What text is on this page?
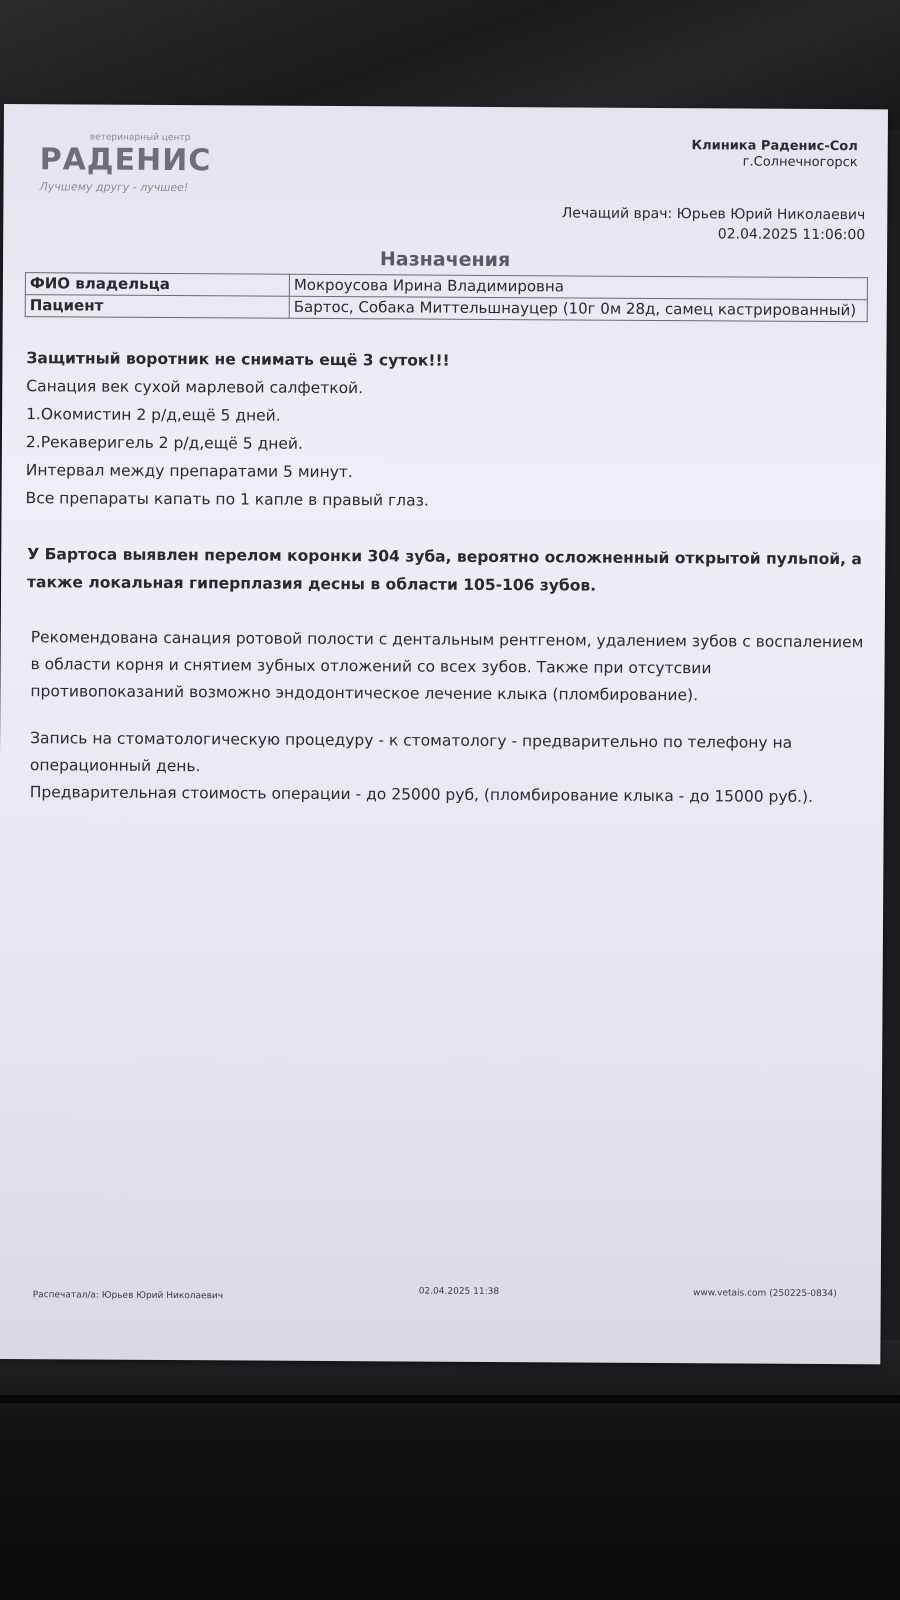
ветеринарный центр
РАДЕНИС
Лучшему другу - лучшее!
Клиника Раденис-Сол
г.Солнечногорск
Лечащий врач: Юрьев Юрий Николаевич
02.04.2025 11:06:00
Назначения
ФИО владельца	Мокроусова Ирина Владимировна
Пациент	Бартос, Собака Миттельшнауцер (10г 0м 28д, самец кастрированный)

Защитный воротник не снимать ещё 3 суток!!!

Санация век сухой марлевой салфеткой.

1.Окомистин 2 р/д,ещё 5 дней.

2.Рекаверигель 2 р/д,ещё 5 дней.

Интервал между препаратами 5 минут.

Все препараты капать по 1 капле в правый глаз.

У Бартоса выявлен перелом коронки 304 зуба, вероятно осложненный открытой пульпой, а также локальная гиперплазия десны в области 105-106 зубов.

Рекомендована санация ротовой полости с дентальным рентгеном, удалением зубов с воспалением в области корня и снятием зубных отложений со всех зубов. Также при отсутсвии противопоказаний возможно эндодонтическое лечение клыка (пломбирование).

Запись на стоматологическую процедуру - к стоматологу - предварительно по телефону на операционный день.

Предварительная стоимость операции - до 25000 руб, (пломбирование клыка - до 15000 руб.).

Распечатал/а: Юрьев Юрий Николаевич	02.04.2025 11:38	www.vetais.com (250225-0834)
